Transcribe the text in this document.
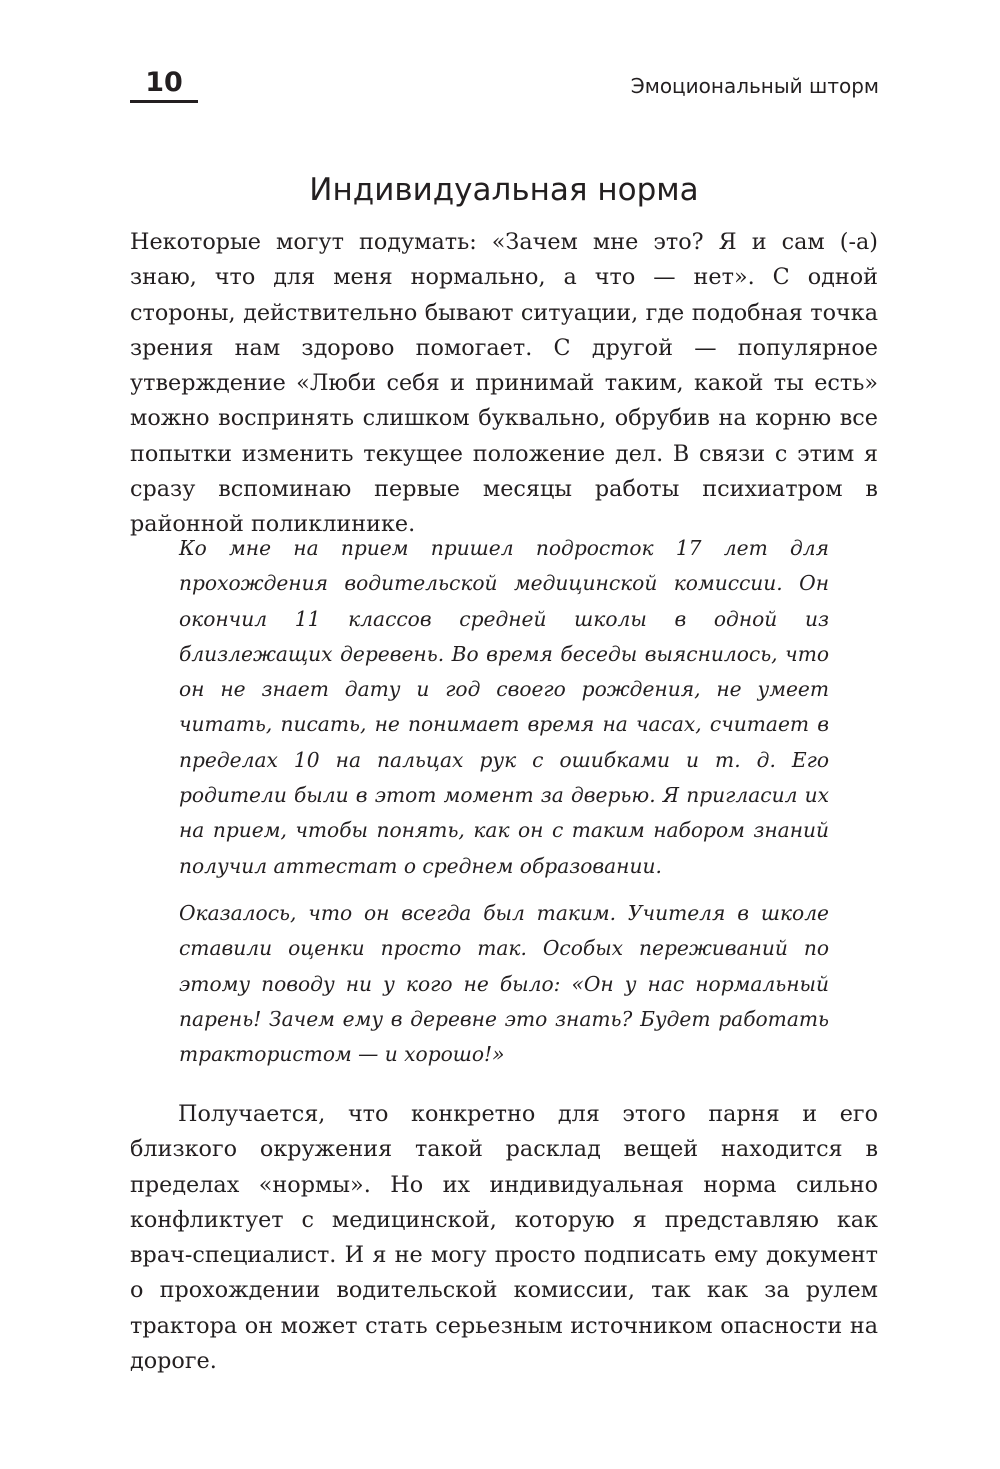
10	Эмоциональный шторм
Индивидуальная норма

Некоторые могут подумать: «Зачем мне это? Я и сам (-а) знаю, что для меня нормально, а что — нет». С одной стороны, действительно бывают ситуации, где подобная точка зрения нам здорово помогает. С другой — популярное утверждение «Люби себя и принимай таким, какой ты есть» можно воспринять слишком буквально, обрубив на корню все попытки изменить текущее положение дел. В связи с этим я сразу вспоминаю первые месяцы работы психиатром в районной поликлинике.

Ко мне на прием пришел подросток 17 лет для прохождения водительской медицинской комиссии. Он окончил 11 классов средней школы в одной из близлежащих деревень. Во время беседы выяснилось, что он не знает дату и год своего рождения, не умеет читать, писать, не понимает время на часах, считает в пределах 10 на пальцах рук с ошибками и т. д. Его родители были в этот момент за дверью. Я пригласил их на прием, чтобы понять, как он с таким набором знаний получил аттестат о среднем образовании.

Оказалось, что он всегда был таким. Учителя в школе ставили оценки просто так. Особых переживаний по этому поводу ни у кого не было: «Он у нас нормальный парень! Зачем ему в деревне это знать? Будет работать трактористом — и хорошо!»

Получается, что конкретно для этого парня и его близкого окружения такой расклад вещей находится в пределах «нормы». Но их индивидуальная норма сильно конфликтует с медицинской, которую я представляю как врач-специалист. И я не могу просто подписать ему документ о прохождении водительской комиссии, так как за рулем трактора он может стать серьезным источником опасности на дороге.
